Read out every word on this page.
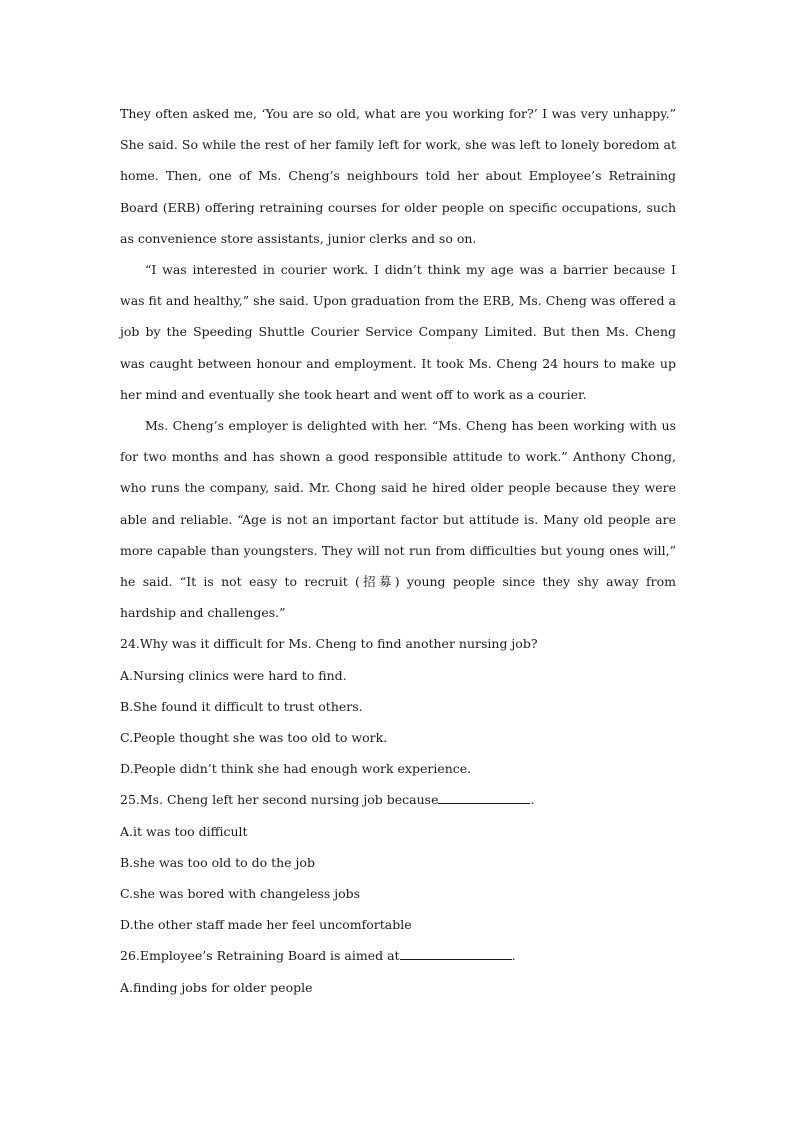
They often asked me, ‘You are so old, what are you working for?’ I was very unhappy.” She said. So while the rest of her family left for work, she was left to lonely boredom at home. Then, one of Ms. Cheng’s neighbours told her about Employee’s Retraining Board (ERB) offering retraining courses for older people on specific occupations, such as convenience store assistants, junior clerks and so on.

“I was interested in courier work. I didn’t think my age was a barrier because I was fit and healthy,” she said. Upon graduation from the ERB, Ms. Cheng was offered a job by the Speeding Shuttle Courier Service Company Limited. But then Ms. Cheng was caught between honour and employment. It took Ms. Cheng 24 hours to make up her mind and eventually she took heart and went off to work as a courier.

Ms. Cheng’s employer is delighted with her. “Ms. Cheng has been working with us for two months and has shown a good responsible attitude to work.” Anthony Chong, who runs the company, said. Mr. Chong said he hired older people because they were able and reliable. “Age is not an important factor but attitude is. Many old people are more capable than youngsters. They will not run from difficulties but young ones will,” he said. “It is not easy to recruit (招募) young people since they shy away from hardship and challenges.”

24.Why was it difficult for Ms. Cheng to find another nursing job?

A.Nursing clinics were hard to find.

B.She found it difficult to trust others.

C.People thought she was too old to work.

D.People didn’t think she had enough work experience.

25.Ms. Cheng left her second nursing job because	.

A.it was too difficult

B.she was too old to do the job

C.she was bored with changeless jobs

D.the other staff made her feel uncomfortable

26.Employee’s Retraining Board is aimed at	.

A.finding jobs for older people
